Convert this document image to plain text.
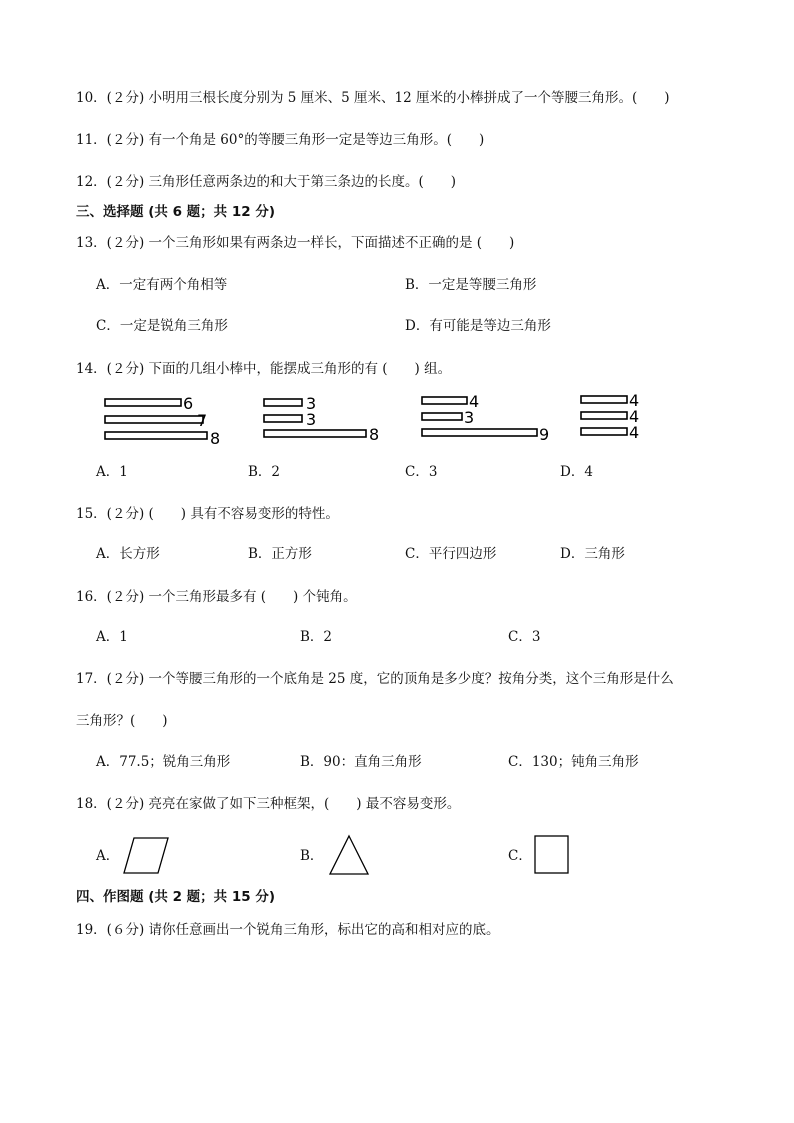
10．(２分) 小明用三根长度分别为 5 厘米、5 厘米、12 厘米的小棒拼成了一个等腰三角形。(　　)
11．(２分) 有一个角是 60°的等腰三角形一定是等边三角形。(　　)
12．(２分) 三角形任意两条边的和大于第三条边的长度。(　　)
三、选择题 (共 6 题；共 12 分)
13．(２分) 一个三角形如果有两条边一样长，下面描述不正确的是 (　　)
A．一定有两个角相等	B．一定是等腰三角形
C．一定是锐角三角形	D．有可能是等边三角形
14．(２分) 下面的几组小棒中，能摆成三角形的有 (　　) 组。
6
7
8
3
3
8
4
3
9
4
4
4
A．1	B．2	C．3	D．4
15．(２分) (　　) 具有不容易变形的特性。
A．长方形	B．正方形	C．平行四边形	D．三角形
16．(２分) 一个三角形最多有 (　　) 个钝角。
A．1	B．2	C．3
17．(２分) 一个等腰三角形的一个底角是 25 度，它的顶角是多少度？按角分类，这个三角形是什么
三角形？(　　)
A．77.5；锐角三角形	B．90：直角三角形	C．130；钝角三角形
18．(２分) 亮亮在家做了如下三种框架，(　　) 最不容易变形。
A．	B．	C．
四、作图题 (共 2 题；共 15 分)
19．(６分) 请你任意画出一个锐角三角形，标出它的高和相对应的底。
